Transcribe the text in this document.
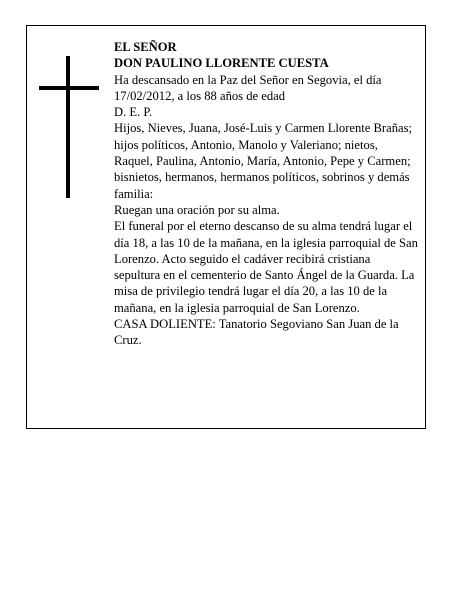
EL SEÑOR

DON PAULINO LLORENTE CUESTA

Ha descansado en la Paz del Señor en Segovia, el día 17/02/2012, a los 88 años de edad

D. E. P.

Hijos, Nieves, Juana, José-Luis y Carmen Llorente Brañas; hijos políticos, Antonio, Manolo y Valeriano; nietos, Raquel, Paulina, Antonio, María, Antonio, Pepe y Carmen; bisnietos, hermanos, hermanos políticos, sobrinos y demás familia:

Ruegan una oración por su alma.

El funeral por el eterno descanso de su alma tendrá lugar el día 18, a las 10 de la mañana, en la iglesia parroquial de San Lorenzo. Acto seguido el cadáver recibirá cristiana sepultura en el cementerio de Santo Ángel de la Guarda. La misa de privilegio tendrá lugar el día 20, a las 10 de la mañana, en la iglesia parroquial de San Lorenzo.

CASA DOLIENTE: Tanatorio Segoviano San Juan de la Cruz.
